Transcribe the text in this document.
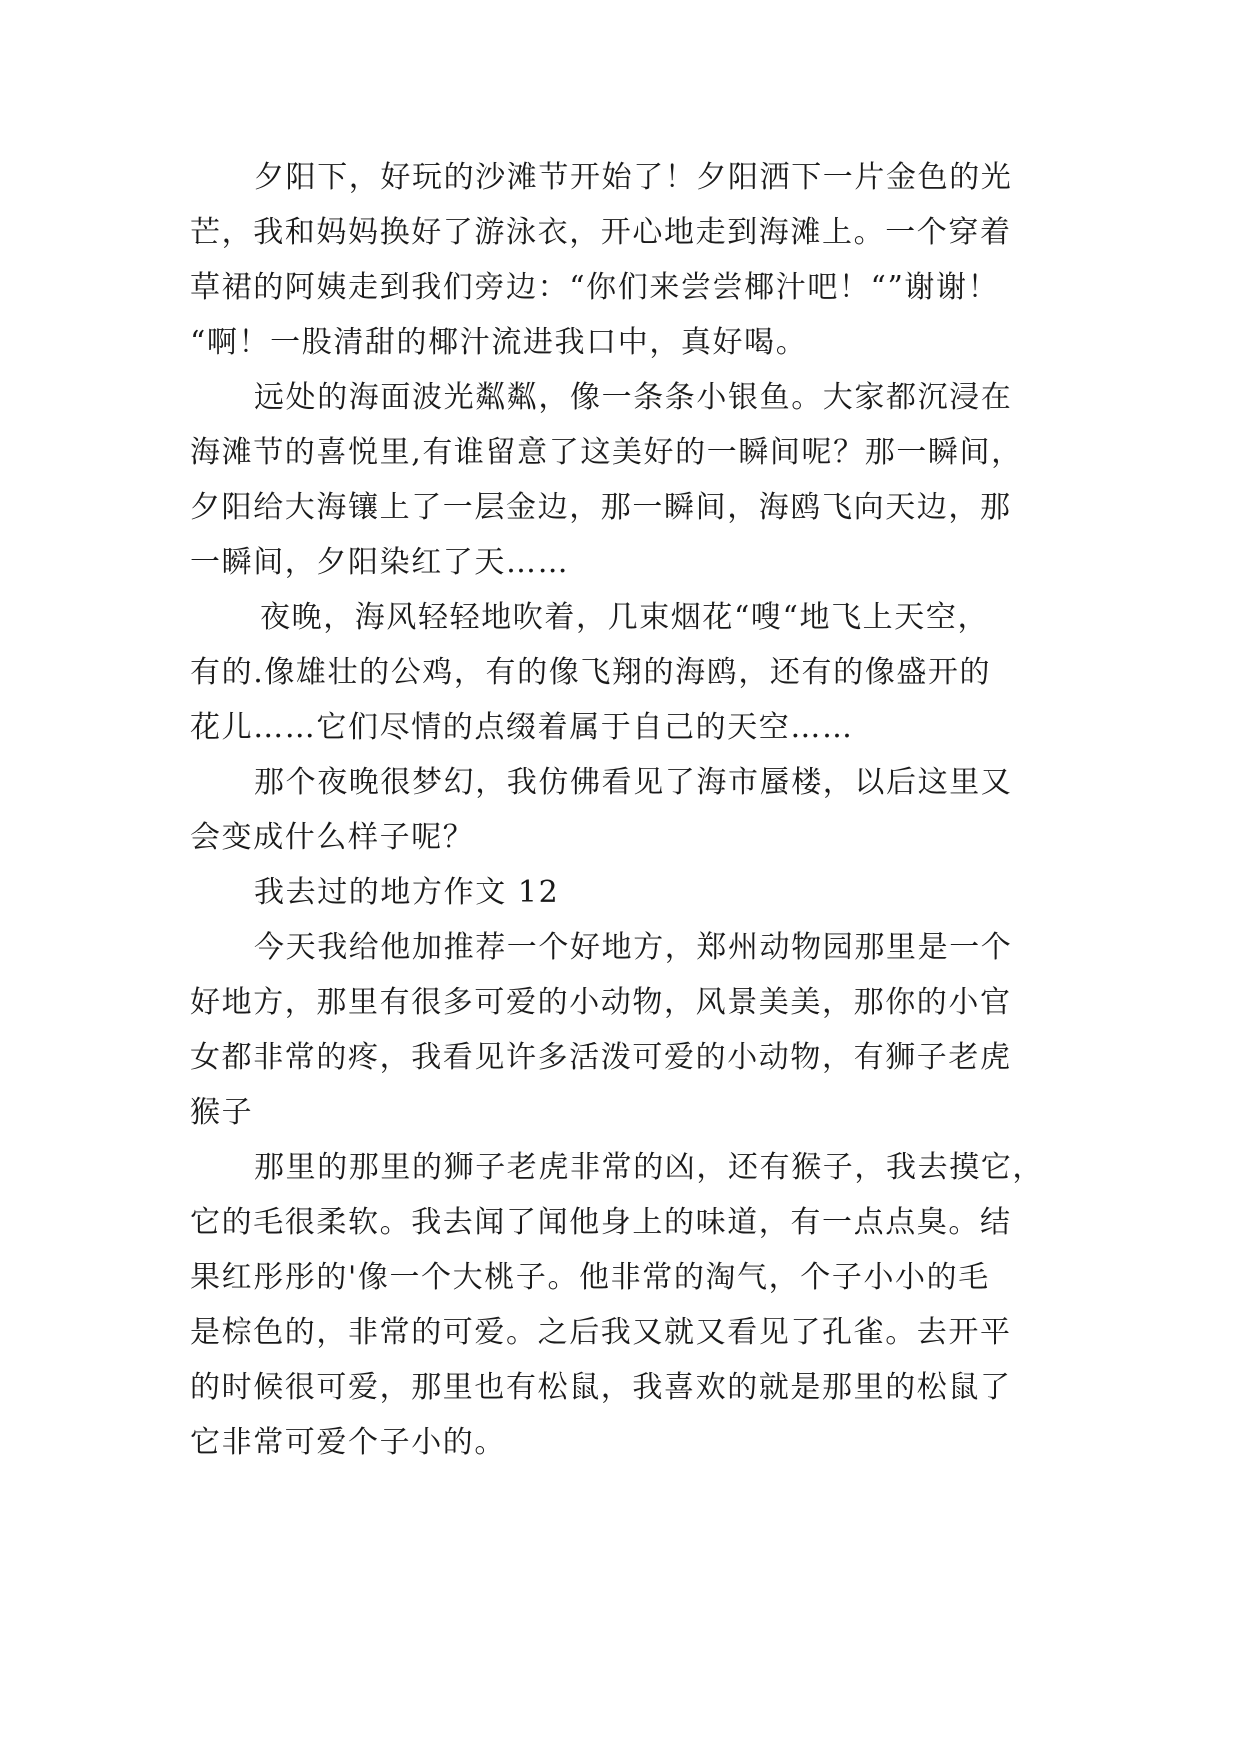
夕阳下，好玩的沙滩节开始了！夕阳洒下一片金色的光
芒，我和妈妈换好了游泳衣，开心地走到海滩上。一个穿着
草裙的阿姨走到我们旁边：“你们来尝尝椰汁吧！“”谢谢！
“啊！一股清甜的椰汁流进我口中，真好喝。
远处的海面波光粼粼，像一条条小银鱼。大家都沉浸在
海滩节的喜悦里,有谁留意了这美好的一瞬间呢？那一瞬间，
夕阳给大海镶上了一层金边，那一瞬间，海鸥飞向天边，那
一瞬间，夕阳染红了天……
夜晚，海风轻轻地吹着，几束烟花“嗖“地飞上天空，
有的.像雄壮的公鸡，有的像飞翔的海鸥，还有的像盛开的
花儿……它们尽情的点缀着属于自己的天空……
那个夜晚很梦幻，我仿佛看见了海市蜃楼，以后这里又
会变成什么样子呢？
我去过的地方作文 12
今天我给他加推荐一个好地方，郑州动物园那里是一个
好地方，那里有很多可爱的小动物，风景美美，那你的小官
女都非常的疼，我看见许多活泼可爱的小动物，有狮子老虎
猴子
那里的那里的狮子老虎非常的凶，还有猴子，我去摸它，
它的毛很柔软。我去闻了闻他身上的味道，有一点点臭。结
果红彤彤的'像一个大桃子。他非常的淘气，个子小小的毛
是棕色的，非常的可爱。之后我又就又看见了孔雀。去开平
的时候很可爱，那里也有松鼠，我喜欢的就是那里的松鼠了
它非常可爱个子小的。
